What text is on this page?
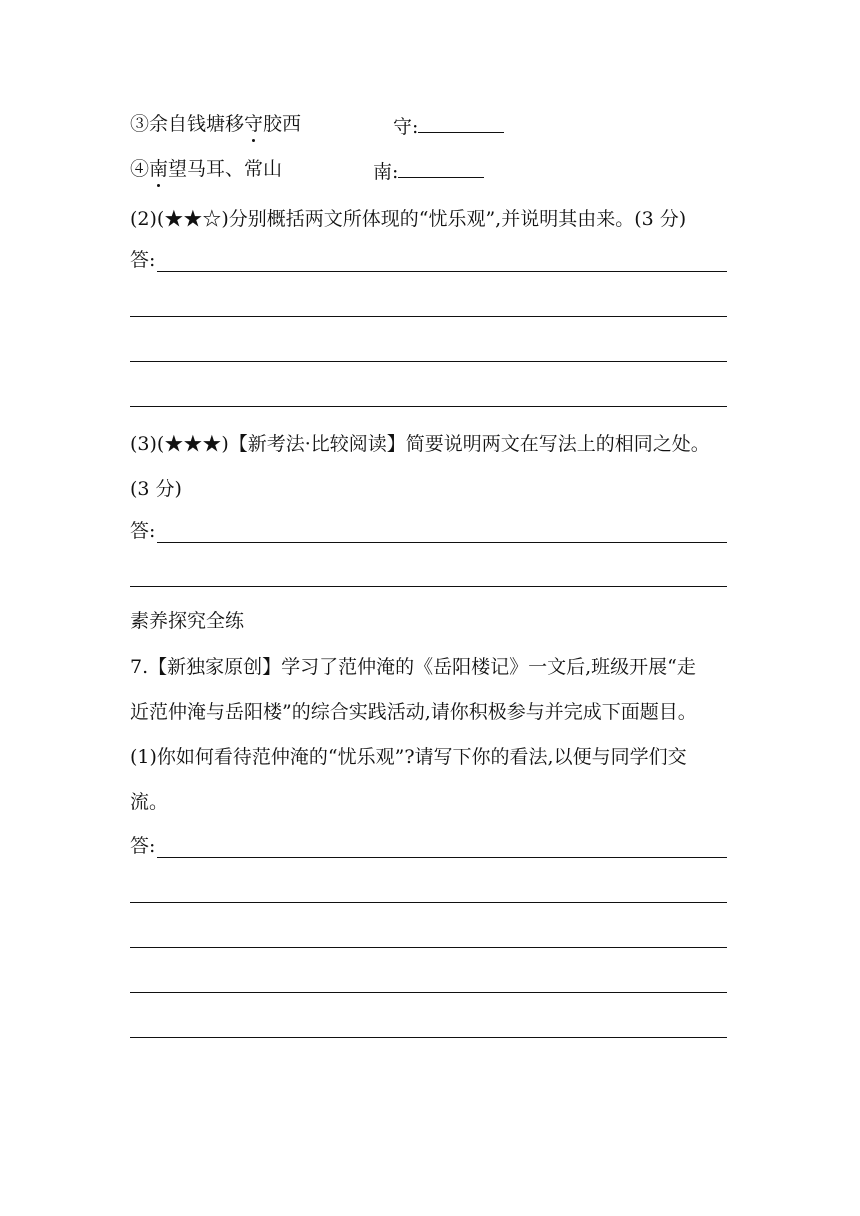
③余自钱塘移守胶西	守:
④南望马耳、常山	南:
(2)(★★☆)分别概括两文所体现的“忧乐观”,并说明其由来。(3 分)
答:
(3)(★★★)【新考法·比较阅读】简要说明两文在写法上的相同之处。
(3 分)
答:
素养探究全练
7.【新独家原创】学习了范仲淹的《岳阳楼记》一文后,班级开展“走
近范仲淹与岳阳楼”的综合实践活动,请你积极参与并完成下面题目。
(1)你如何看待范仲淹的“忧乐观”?请写下你的看法,以便与同学们交
流。
答:
